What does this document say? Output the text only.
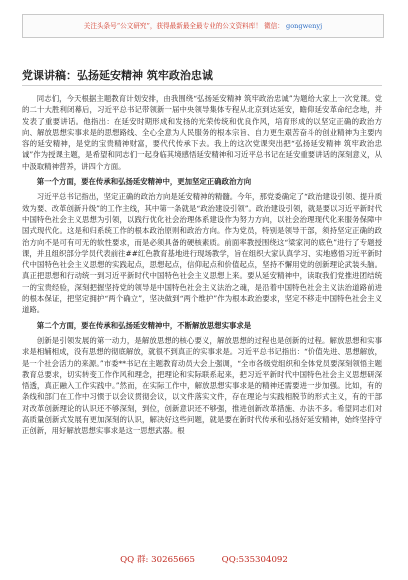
关注头条号“公文研究”，获得最新最全最专业的公文资料库！ 微信： gongwenyj
党课讲稿：弘扬延安精神 筑牢政治忠诚

同志们，今天根据主题教育计划安排，由我围绕“弘扬延安精神 筑牢政治忠诚”为题给大家上一次党课。党的二十大胜利闭幕后，习近平总书记带领新一届中央领导集体专程从北京到达延安，瞻仰延安革命纪念地，并发表了重要讲话。他指出：在延安时期形成和发扬的光荣传统和优良作风，培育形成的以坚定正确的政治方向、解放思想实事求是的思想路线、全心全意为人民服务的根本宗旨、自力更生艰苦奋斗的创业精神为主要内容的延安精神，是党的宝贵精神财富，要代代传承下去。我上的这次党课突出把“弘扬延安精神 筑牢政治忠诚”作为授课主题，是希望和同志们一起身临其境感悟延安精神和习近平总书记在延安重要讲话的深刻意义，从中汲取精神营养，讲四个方面。

第一个方面，要在传承和弘扬延安精神中，更加坚定正确政治方向

习近平总书记指出，坚定正确的政治方向是延安精神的精髓。今年，那党委确定了“政治建设引领、提升质效为要、改革创新升级”的工作主线，其中第一条就是“政治建设引领”。政治建设引领，就是要以习近平新时代中国特色社会主义思想为引领，以践行优化社会治理体系建设作为努力方向，以社会治理现代化来服务保障中国式现代化。这是和归系统工作的根本政治原则和政治方向。作为党员，特别是领导干部，须持坚定正确的政治方向不是可有可无的软性要求，而是必须具备的硬核素质。前面率教授围绕这“梁家河的底色”进行了专题授课，并且组织部分学员代表前往##红色教育基地进行现场教学，旨在组织大家认真学习、实地感悟习近平新时代中国特色社会主义思想的实践起点，思想起点，信仰起点和价值起点，坚持不懈用党的创新理论武装头脑。真正把思想和行动统一到习近平新时代中国特色社会主义思想上来。要从延安精神中，读取我们党推进团结统一的宝贵经验，深刻把握坚持党的领导是中国特色社会主义法治之魂，是沿着中国特色社会主义法治道路前进的根本保证，把坚定拥护“两个确立”，坚决做到“两个维护”作为根本政治要求，坚定不移走中国特色社会主义道路。

第二个方面，要在传承和弘扬延安精神中，不断解放思想实事求是

创新是引领发展的第一动力，是解放思想的核心要义，解放思想的过程也是创新的过程。解放思想和实事求是相辅相成，没有思想的彻底解放，就很不到真正的实事求是。习近平总书记指出：“价值先进、思想解放，是一个社会活力的来源。”市委**书记在主题教育动员大会上强调，“全市各级党组织和全体党员要深刻领悟主题教育总要求，切实转变工作作风和理念，把理论和实际联系起来，把习近平新时代中国特色社会主义思想研深悟透，真正融入工作实践中。”然而，在实际工作中，解放思想实事求是的精神还需要进一步加强。比如，有的条线和部门在工作中习惯于以会议贯彻会议，以文件落实文件，存在理论与实践相脱节的形式主义，有的干部对改革创新理论的认识还不够深刻，到位，创新意识还不够强，推进创新改革措施、办法不多。希望同志们对高质量创新式发展有更加深刻的认识，解决好这些问题，就是要在新时代传承和弘扬好延安精神，始终坚持守正创新，用好解放思想实事求是这一思想武器。根

QQ 群: 30265665	QQ:535304092
